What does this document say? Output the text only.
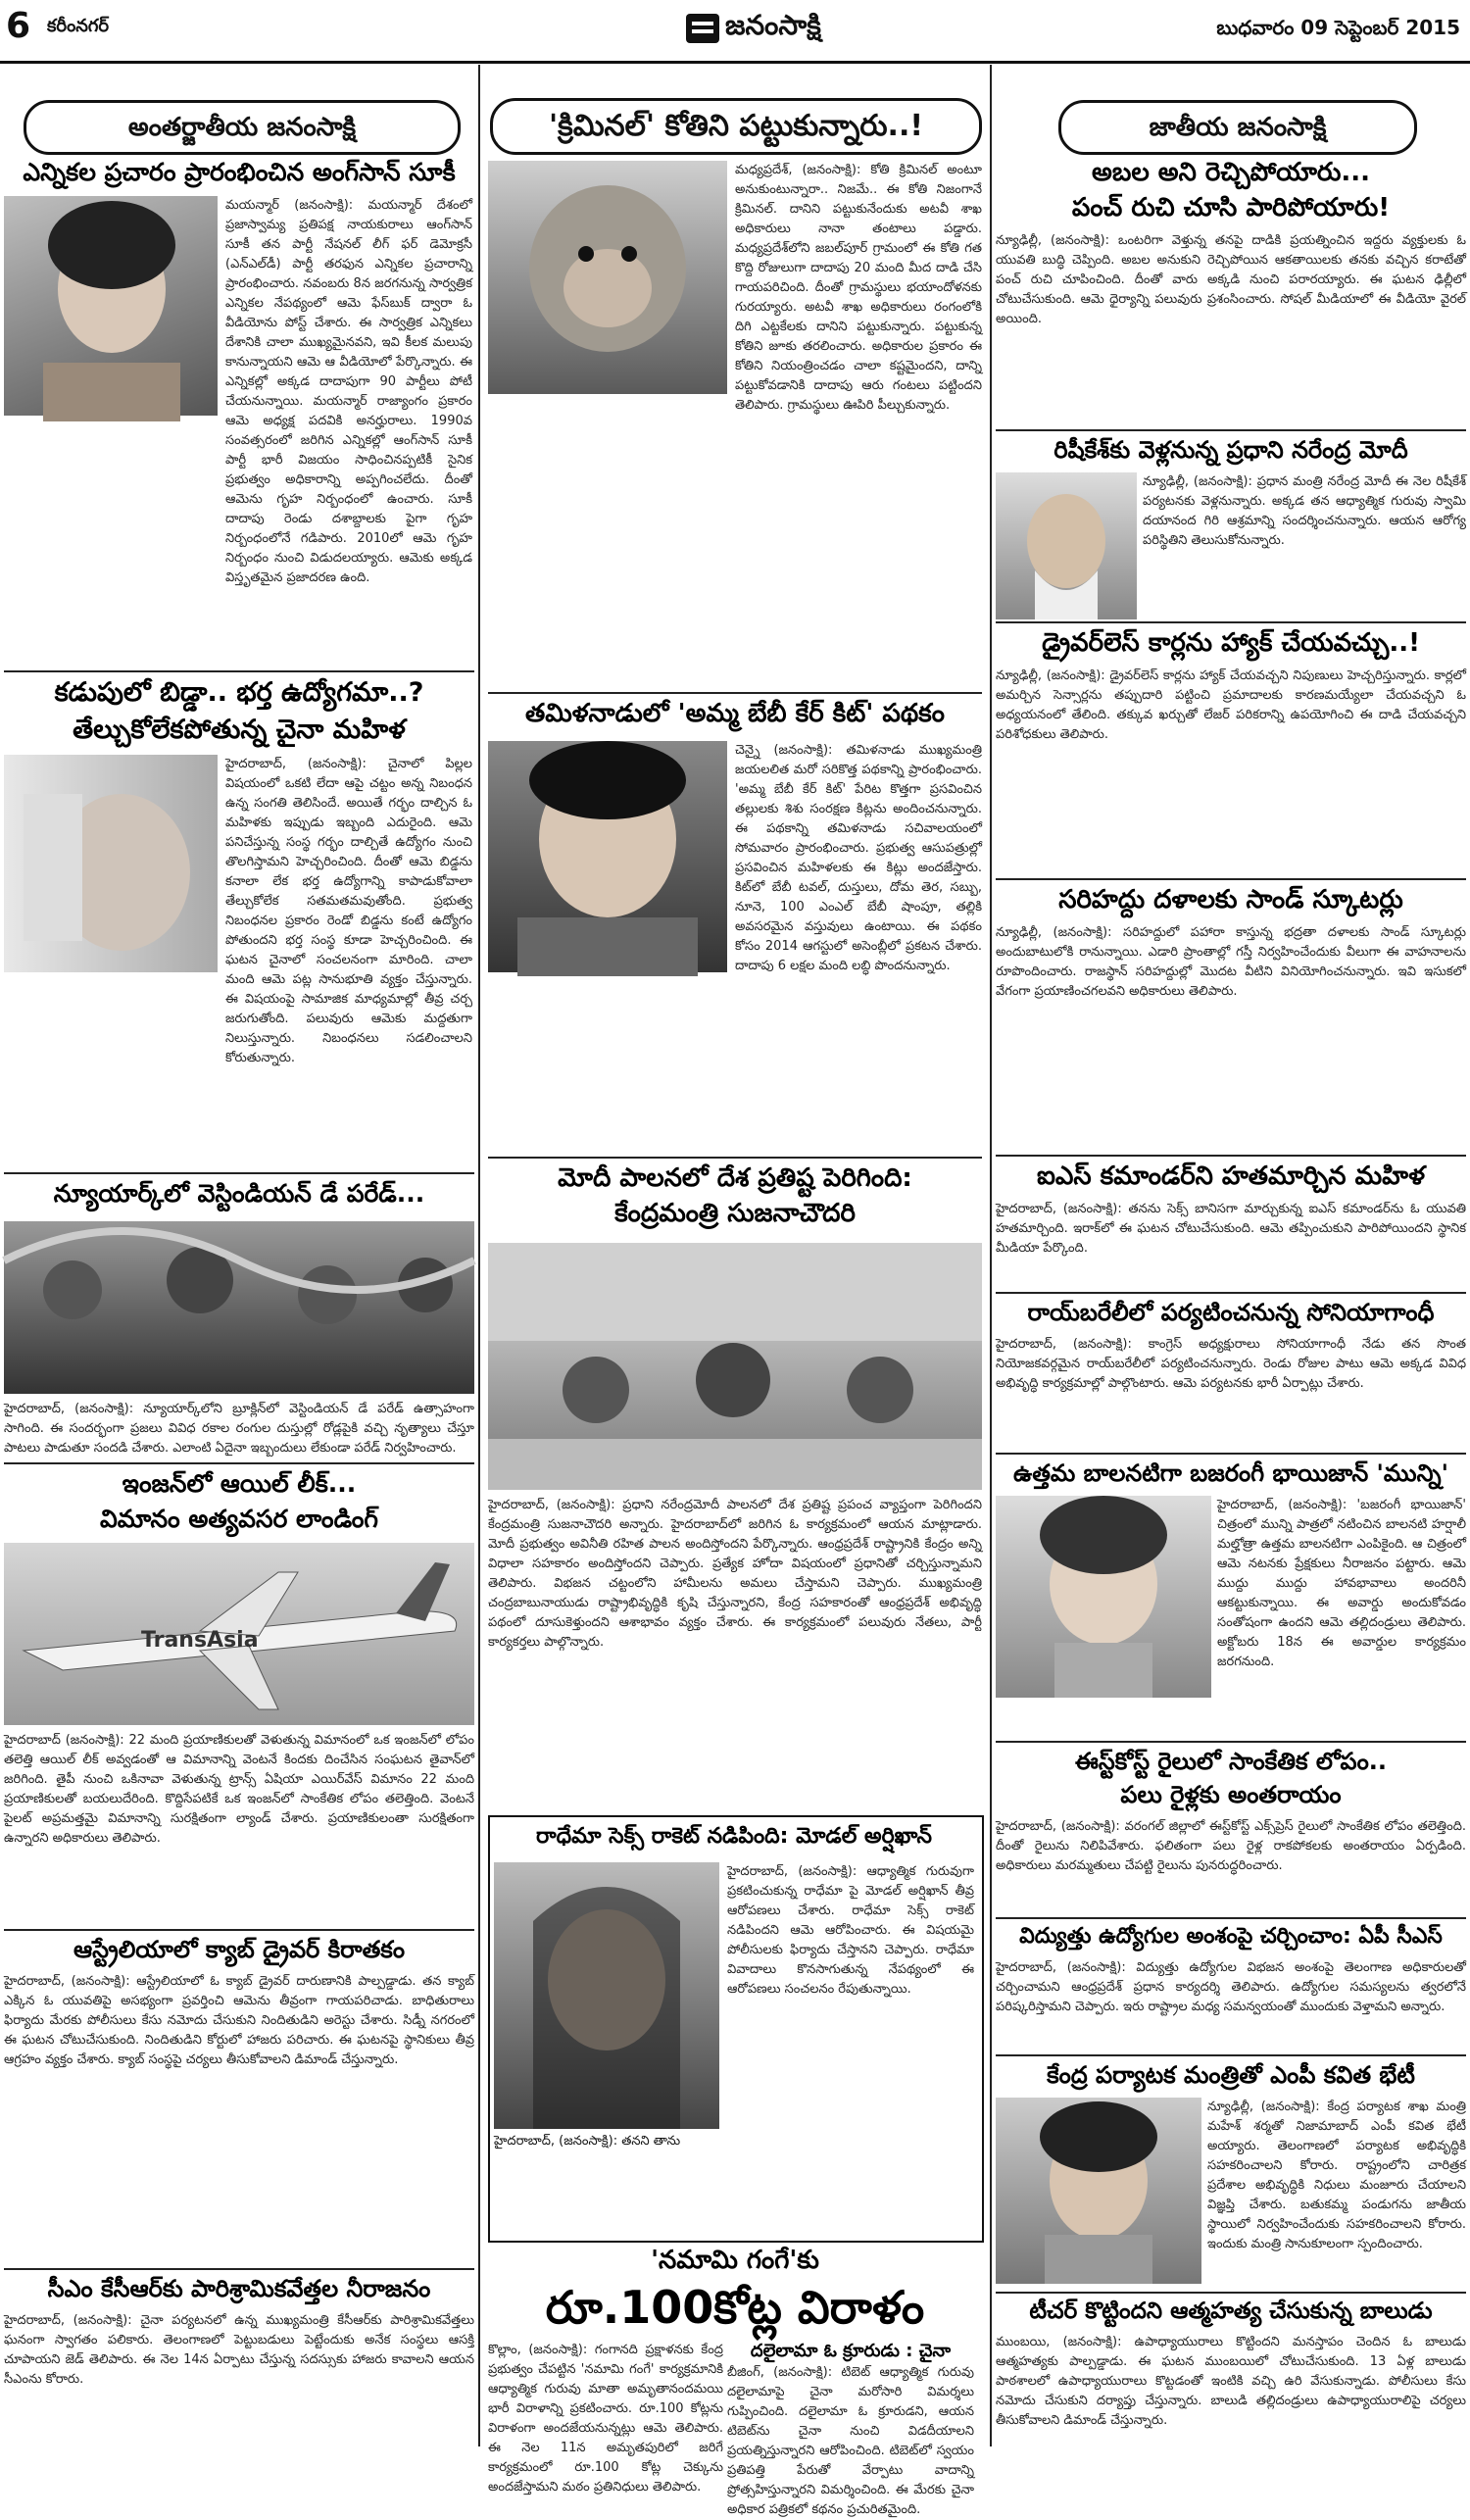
6 కరీంనగర్	జనంసాక్షి	బుధవారం 09 సెప్టెంబర్ 2015
అంతర్జాతీయ జనంసాక్షి
ఎన్నికల ప్రచారం ప్రారంభించిన అంగ్‌సాన్ సూకీ
మయన్మార్ (జనంసాక్షి): మయన్మార్ దేశంలో ప్రజాస్వామ్య ప్రతిపక్ష నాయకురాలు ఆంగ్‌సాన్ సూకీ తన పార్టీ నేషనల్ లీగ్ ఫర్ డెమోక్రసీ (ఎన్‌ఎల్‌డీ) పార్టీ తరఫున ఎన్నికల ప్రచారాన్ని ప్రారంభించారు. నవంబరు 8న జరగనున్న సార్వత్రిక ఎన్నికల నేపథ్యంలో ఆమె ఫేస్‌బుక్ ద్వారా ఓ వీడియోను పోస్ట్ చేశారు. ఈ సార్వత్రిక ఎన్నికలు దేశానికి చాలా ముఖ్యమైనవని, ఇవి కీలక మలుపు కానున్నాయని ఆమె ఆ వీడియోలో పేర్కొన్నారు. ఈ ఎన్నికల్లో అక్కడ దాదాపుగా 90 పార్టీలు పోటీ చేయనున్నాయి. మయన్మార్ రాజ్యాంగం ప్రకారం ఆమె అధ్యక్ష పదవికి అనర్హురాలు. 1990వ సంవత్సరంలో జరిగిన ఎన్నికల్లో ఆంగ్‌సాన్ సూకీ పార్టీ భారీ విజయం సాధించినప్పటికీ సైనిక ప్రభుత్వం అధికారాన్ని అప్పగించలేదు. దీంతో ఆమెను గృహ నిర్బంధంలో ఉంచారు. సూకీ దాదాపు రెండు దశాబ్దాలకు పైగా గృహ నిర్బంధంలోనే గడిపారు. 2010లో ఆమె గృహ నిర్బంధం నుంచి విడుదలయ్యారు. ఆమెకు అక్కడ విస్తృతమైన ప్రజాదరణ ఉంది.
కడుపులో బిడ్డా.. భర్త ఉద్యోగమా..?
తేల్చుకోలేకపోతున్న చైనా మహిళ
హైదరాబాద్, (జనంసాక్షి): చైనాలో పిల్లల విషయంలో ఒకటి లేదా ఆపై చట్టం అన్న నిబంధన ఉన్న సంగతి తెలిసిందే. అయితే గర్భం దాల్చిన ఓ మహిళకు ఇప్పుడు ఇబ్బంది ఎదురైంది. ఆమె పనిచేస్తున్న సంస్థ గర్భం దాల్చితే ఉద్యోగం నుంచి తొలగిస్తామని హెచ్చరించింది. దీంతో ఆమె బిడ్డను కనాలా లేక భర్త ఉద్యోగాన్ని కాపాడుకోవాలా తేల్చుకోలేక సతమతమవుతోంది. ప్రభుత్వ నిబంధనల ప్రకారం రెండో బిడ్డను కంటే ఉద్యోగం పోతుందని భర్త సంస్థ కూడా హెచ్చరించింది. ఈ ఘటన చైనాలో సంచలనంగా మారింది. చాలా మంది ఆమె పట్ల సానుభూతి వ్యక్తం చేస్తున్నారు. ఈ విషయంపై సామాజిక మాధ్యమాల్లో తీవ్ర చర్చ జరుగుతోంది. పలువురు ఆమెకు మద్దతుగా నిలుస్తున్నారు. నిబంధనలు సడలించాలని కోరుతున్నారు.
న్యూయార్క్‌లో వెస్టిండియన్ డే పరేడ్...
హైదరాబాద్, (జనంసాక్షి): న్యూయార్క్‌లోని బ్రూక్లిన్‌లో వెస్టిండియన్ డే పరేడ్ ఉత్సాహంగా సాగింది. ఈ సందర్భంగా ప్రజలు వివిధ రకాల రంగుల దుస్తుల్లో రోడ్లపైకి వచ్చి నృత్యాలు చేస్తూ పాటలు పాడుతూ సందడి చేశారు. ఎలాంటి ఏదైనా ఇబ్బందులు లేకుండా పరేడ్ నిర్వహించారు.
ఇంజన్‌లో ఆయిల్ లీక్...
విమానం అత్యవసర లాండింగ్
TransAsia
హైదరాబాద్ (జనంసాక్షి): 22 మంది ప్రయాణికులతో వెళుతున్న విమానంలో ఒక ఇంజన్‌లో లోపం తలెత్తి ఆయిల్ లీక్ అవ్వడంతో ఆ విమానాన్ని వెంటనే కిందకు దించేసిన సంఘటన తైవాన్‌లో జరిగింది. తైపీ నుంచి ఒకినావా వెళుతున్న ట్రాన్స్ ఏషియా ఎయిర్‌వేస్ విమానం 22 మంది ప్రయాణికులతో బయలుదేరింది. కొద్దిసేపటికే ఒక ఇంజన్‌లో సాంకేతిక లోపం తలెత్తింది. వెంటనే పైలట్ అప్రమత్తమై విమానాన్ని సురక్షితంగా ల్యాండ్ చేశారు. ప్రయాణికులంతా సురక్షితంగా ఉన్నారని అధికారులు తెలిపారు.
ఆస్ట్రేలియాలో క్యాబ్ డ్రైవర్ కిరాతకం
హైదరాబాద్, (జనంసాక్షి): ఆస్ట్రేలియాలో ఓ క్యాబ్ డ్రైవర్ దారుణానికి పాల్పడ్డాడు. తన క్యాబ్ ఎక్కిన ఓ యువతిపై అసభ్యంగా ప్రవర్తించి ఆమెను తీవ్రంగా గాయపరిచాడు. బాధితురాలు ఫిర్యాదు మేరకు పోలీసులు కేసు నమోదు చేసుకుని నిందితుడిని అరెస్టు చేశారు. సిడ్నీ నగరంలో ఈ ఘటన చోటుచేసుకుంది. నిందితుడిని కోర్టులో హాజరు పరిచారు. ఈ ఘటనపై స్థానికులు తీవ్ర ఆగ్రహం వ్యక్తం చేశారు. క్యాబ్ సంస్థపై చర్యలు తీసుకోవాలని డిమాండ్ చేస్తున్నారు.
సీఎం కేసీఆర్‌కు పారిశ్రామికవేత్తల నీరాజనం
హైదరాబాద్, (జనంసాక్షి): చైనా పర్యటనలో ఉన్న ముఖ్యమంత్రి కేసీఆర్‌కు పారిశ్రామికవేత్తలు ఘనంగా స్వాగతం పలికారు. తెలంగాణలో పెట్టుబడులు పెట్టేందుకు అనేక సంస్థలు ఆసక్తి చూపాయని జెడ్ తెలిపారు. ఈ నెల 14న ఏర్పాటు చేస్తున్న సదస్సుకు హాజరు కావాలని ఆయన సీఎంను కోరారు.
'క్రిమినల్' కోతిని పట్టుకున్నారు..!
మధ్యప్రదేశ్, (జనంసాక్షి): కోతి క్రిమినల్ అంటూ అనుకుంటున్నారా.. నిజమే.. ఈ కోతి నిజంగానే క్రిమినల్. దానిని పట్టుకునేందుకు అటవీ శాఖ అధికారులు నానా తంటాలు పడ్డారు. మధ్యప్రదేశ్‌లోని జబల్‌పూర్ గ్రామంలో ఈ కోతి గత కొద్ది రోజులుగా దాదాపు 20 మంది మీద దాడి చేసి గాయపరిచింది. దీంతో గ్రామస్థులు భయాందోళనకు గురయ్యారు. అటవీ శాఖ అధికారులు రంగంలోకి దిగి ఎట్టకేలకు దానిని పట్టుకున్నారు. పట్టుకున్న కోతిని జూకు తరలించారు. అధికారుల ప్రకారం ఈ కోతిని నియంత్రించడం చాలా కష్టమైందని, దాన్ని పట్టుకోవడానికి దాదాపు ఆరు గంటలు పట్టిందని తెలిపారు. గ్రామస్థులు ఊపిరి పీల్చుకున్నారు.
తమిళనాడులో 'అమ్మ బేబీ కేర్ కిట్' పథకం
చెన్నై (జనంసాక్షి): తమిళనాడు ముఖ్యమంత్రి జయలలిత మరో సరికొత్త పథకాన్ని ప్రారంభించారు. 'అమ్మ బేబీ కేర్ కిట్' పేరిట కొత్తగా ప్రసవించిన తల్లులకు శిశు సంరక్షణ కిట్లను అందించనున్నారు. ఈ పథకాన్ని తమిళనాడు సచివాలయంలో సోమవారం ప్రారంభించారు. ప్రభుత్వ ఆసుపత్రుల్లో ప్రసవించిన మహిళలకు ఈ కిట్లు అందజేస్తారు. కిట్‌లో బేబీ టవల్, దుస్తులు, దోమ తెర, సబ్బు, నూనె, 100 ఎంఎల్ బేబీ షాంపూ, తల్లికి అవసరమైన వస్తువులు ఉంటాయి. ఈ పథకం కోసం 2014 ఆగస్టులో అసెంబ్లీలో ప్రకటన చేశారు. దాదాపు 6 లక్షల మంది లబ్ధి పొందనున్నారు.
మోదీ పాలనలో దేశ ప్రతిష్ట పెరిగింది:
కేంద్రమంత్రి సుజనాచౌదరి
హైదరాబాద్, (జనంసాక్షి): ప్రధాని నరేంద్రమోదీ పాలనలో దేశ ప్రతిష్ట ప్రపంచ వ్యాప్తంగా పెరిగిందని కేంద్రమంత్రి సుజనాచౌదరి అన్నారు. హైదరాబాద్‌లో జరిగిన ఓ కార్యక్రమంలో ఆయన మాట్లాడారు. మోదీ ప్రభుత్వం అవినీతి రహిత పాలన అందిస్తోందని పేర్కొన్నారు. ఆంధ్రప్రదేశ్ రాష్ట్రానికి కేంద్రం అన్ని విధాలా సహకారం అందిస్తోందని చెప్పారు. ప్రత్యేక హోదా విషయంలో ప్రధానితో చర్చిస్తున్నామని తెలిపారు. విభజన చట్టంలోని హామీలను అమలు చేస్తామని చెప్పారు. ముఖ్యమంత్రి చంద్రబాబునాయుడు రాష్ట్రాభివృద్ధికి కృషి చేస్తున్నారని, కేంద్ర సహకారంతో ఆంధ్రప్రదేశ్ అభివృద్ధి పథంలో దూసుకెళ్తుందని ఆశాభావం వ్యక్తం చేశారు. ఈ కార్యక్రమంలో పలువురు నేతలు, పార్టీ కార్యకర్తలు పాల్గొన్నారు.
రాధేమా సెక్స్ రాకెట్ నడిపింది: మోడల్ అర్షిఖాన్
హైదరాబాద్, (జనంసాక్షి): తనని తాను
హైదరాబాద్, (జనంసాక్షి): ఆధ్యాత్మిక గురువుగా ప్రకటించుకున్న రాధేమా పై మోడల్ అర్షిఖాన్ తీవ్ర ఆరోపణలు చేశారు. రాధేమా సెక్స్ రాకెట్ నడిపిందని ఆమె ఆరోపించారు. ఈ విషయమై పోలీసులకు ఫిర్యాదు చేస్తానని చెప్పారు. రాధేమా వివాదాలు కొనసాగుతున్న నేపథ్యంలో ఈ ఆరోపణలు సంచలనం రేపుతున్నాయి.
'నమామి గంగే'కు
రూ.100కోట్ల విరాళం
జాతీయ జనంసాక్షి
అబల అని రెచ్చిపోయారు...
పంచ్ రుచి చూసి పారిపోయారు!
న్యూఢిల్లీ, (జనంసాక్షి): ఒంటరిగా వెళ్తున్న తనపై దాడికి ప్రయత్నించిన ఇద్దరు వ్యక్తులకు ఓ యువతి బుద్ధి చెప్పింది. అబల అనుకుని రెచ్చిపోయిన ఆకతాయిలకు తనకు వచ్చిన కరాటేతో పంచ్ రుచి చూపించింది. దీంతో వారు అక్కడి నుంచి పరారయ్యారు. ఈ ఘటన ఢిల్లీలో చోటుచేసుకుంది. ఆమె ధైర్యాన్ని పలువురు ప్రశంసించారు. సోషల్ మీడియాలో ఈ వీడియో వైరల్ అయింది.
రిషీకేశ్‌కు వెళ్లనున్న ప్రధాని నరేంద్ర మోదీ
న్యూఢిల్లీ, (జనంసాక్షి): ప్రధాన మంత్రి నరేంద్ర మోదీ ఈ నెల రిషీకేశ్ పర్యటనకు వెళ్లనున్నారు. అక్కడ తన ఆధ్యాత్మిక గురువు స్వామి దయానంద గిరి ఆశ్రమాన్ని సందర్శించనున్నారు. ఆయన ఆరోగ్య పరిస్థితిని తెలుసుకోనున్నారు.
డ్రైవర్‌లెస్ కార్లను హ్యాక్ చేయవచ్చు..!
న్యూఢిల్లీ, (జనంసాక్షి): డ్రైవర్‌లెస్ కార్లను హ్యాక్ చేయవచ్చని నిపుణులు హెచ్చరిస్తున్నారు. కార్లలో అమర్చిన సెన్సార్లను తప్పుదారి పట్టించి ప్రమాదాలకు కారణమయ్యేలా చేయవచ్చని ఓ అధ్యయనంలో తేలింది. తక్కువ ఖర్చుతో లేజర్ పరికరాన్ని ఉపయోగించి ఈ దాడి చేయవచ్చని పరిశోధకులు తెలిపారు.
సరిహద్దు దళాలకు సాండ్ స్కూటర్లు
న్యూఢిల్లీ, (జనంసాక్షి): సరిహద్దులో పహారా కాస్తున్న భద్రతా దళాలకు సాండ్ స్కూటర్లు అందుబాటులోకి రానున్నాయి. ఎడారి ప్రాంతాల్లో గస్తీ నిర్వహించేందుకు వీలుగా ఈ వాహనాలను రూపొందించారు. రాజస్థాన్ సరిహద్దుల్లో మొదట వీటిని వినియోగించనున్నారు. ఇవి ఇసుకలో వేగంగా ప్రయాణించగలవని అధికారులు తెలిపారు.
ఐఎస్ కమాండర్‌ని హతమార్చిన మహిళ
హైదరాబాద్, (జనంసాక్షి): తనను సెక్స్ బానిసగా మార్చుకున్న ఐఎస్ కమాండర్‌ను ఓ యువతి హతమార్చింది. ఇరాక్‌లో ఈ ఘటన చోటుచేసుకుంది. ఆమె తప్పించుకుని పారిపోయిందని స్థానిక మీడియా పేర్కొంది.
రాయ్‌బరేలీలో పర్యటించనున్న సోనియాగాంధీ
హైదరాబాద్, (జనంసాక్షి): కాంగ్రెస్ అధ్యక్షురాలు సోనియాగాంధీ నేడు తన సొంత నియోజకవర్గమైన రాయ్‌బరేలీలో పర్యటించనున్నారు. రెండు రోజుల పాటు ఆమె అక్కడ వివిధ అభివృద్ధి కార్యక్రమాల్లో పాల్గొంటారు. ఆమె పర్యటనకు భారీ ఏర్పాట్లు చేశారు.
ఉత్తమ బాలనటిగా బజరంగీ భాయిజాన్ 'మున్ని'
హైదరాబాద్, (జనంసాక్షి): 'బజరంగీ భాయిజాన్' చిత్రంలో మున్ని పాత్రలో నటించిన బాలనటి హర్షాలీ మల్హోత్రా ఉత్తమ బాలనటిగా ఎంపికైంది. ఆ చిత్రంలో ఆమె నటనకు ప్రేక్షకులు నీరాజనం పట్టారు. ఆమె ముద్దు ముద్దు హావభావాలు అందరినీ ఆకట్టుకున్నాయి. ఈ అవార్డు అందుకోవడం సంతోషంగా ఉందని ఆమె తల్లిదండ్రులు తెలిపారు. అక్టోబరు 18న ఈ అవార్డుల కార్యక్రమం జరగనుంది.
ఈస్ట్‌కోస్ట్ రైలులో సాంకేతిక లోపం..
పలు రైళ్లకు అంతరాయం
హైదరాబాద్, (జనంసాక్షి): వరంగల్ జిల్లాలో ఈస్ట్‌కోస్ట్ ఎక్స్‌ప్రెస్ రైలులో సాంకేతిక లోపం తలెత్తింది. దీంతో రైలును నిలిపివేశారు. ఫలితంగా పలు రైళ్ల రాకపోకలకు అంతరాయం ఏర్పడింది. అధికారులు మరమ్మతులు చేపట్టి రైలును పునరుద్ధరించారు.
విద్యుత్తు ఉద్యోగుల అంశంపై చర్చించాం: ఏపీ సీఎస్
హైదరాబాద్, (జనంసాక్షి): విద్యుత్తు ఉద్యోగుల విభజన అంశంపై తెలంగాణ అధికారులతో చర్చించామని ఆంధ్రప్రదేశ్ ప్రధాన కార్యదర్శి తెలిపారు. ఉద్యోగుల సమస్యలను త్వరలోనే పరిష్కరిస్తామని చెప్పారు. ఇరు రాష్ట్రాల మధ్య సమన్వయంతో ముందుకు వెళ్తామని అన్నారు.
కేంద్ర పర్యాటక మంత్రితో ఎంపీ కవిత భేటీ
న్యూఢిల్లీ, (జనంసాక్షి): కేంద్ర పర్యాటక శాఖ మంత్రి మహేశ్ శర్మతో నిజామాబాద్ ఎంపీ కవిత భేటీ అయ్యారు. తెలంగాణలో పర్యాటక అభివృద్ధికి సహకరించాలని కోరారు. రాష్ట్రంలోని చారిత్రక ప్రదేశాల అభివృద్ధికి నిధులు మంజూరు చేయాలని విజ్ఞప్తి చేశారు. బతుకమ్మ పండుగను జాతీయ స్థాయిలో నిర్వహించేందుకు సహకరించాలని కోరారు. ఇందుకు మంత్రి సానుకూలంగా స్పందించారు.
టీచర్ కొట్టిందని ఆత్మహత్య చేసుకున్న బాలుడు
ముంబయి, (జనంసాక్షి): ఉపాధ్యాయురాలు కొట్టిందని మనస్తాపం చెందిన ఓ బాలుడు ఆత్మహత్యకు పాల్పడ్డాడు. ఈ ఘటన ముంబయిలో చోటుచేసుకుంది. 13 ఏళ్ల బాలుడు పాఠశాలలో ఉపాధ్యాయురాలు కొట్టడంతో ఇంటికి వచ్చి ఉరి వేసుకున్నాడు. పోలీసులు కేసు నమోదు చేసుకుని దర్యాప్తు చేస్తున్నారు. బాలుడి తల్లిదండ్రులు ఉపాధ్యాయురాలిపై చర్యలు తీసుకోవాలని డిమాండ్ చేస్తున్నారు.
కొల్లాం, (జనంసాక్షి): గంగానది ప్రక్షాళనకు కేంద్ర ప్రభుత్వం చేపట్టిన 'నమామి గంగే' కార్యక్రమానికి ఆధ్యాత్మిక గురువు మాతా అమృతానందమయి భారీ విరాళాన్ని ప్రకటించారు. రూ.100 కోట్లను విరాళంగా అందజేయనున్నట్లు ఆమె తెలిపారు. ఈ నెల 11న అమృతపురిలో జరిగే కార్యక్రమంలో రూ.100 కోట్ల చెక్కును అందజేస్తామని మఠం ప్రతినిధులు తెలిపారు.
దలైలామా ఓ క్రూరుడు : చైనా
బీజింగ్, (జనంసాక్షి): టిబెట్ ఆధ్యాత్మిక గురువు దలైలామాపై చైనా మరోసారి విమర్శలు గుప్పించింది. దలైలామా ఓ క్రూరుడని, ఆయన టిబెట్‌ను చైనా నుంచి విడదీయాలని ప్రయత్నిస్తున్నారని ఆరోపించింది. టిబెట్‌లో స్వయం ప్రతిపత్తి పేరుతో వేర్పాటు వాదాన్ని ప్రోత్సహిస్తున్నారని విమర్శించింది. ఈ మేరకు చైనా అధికార పత్రికలో కథనం ప్రచురితమైంది.
